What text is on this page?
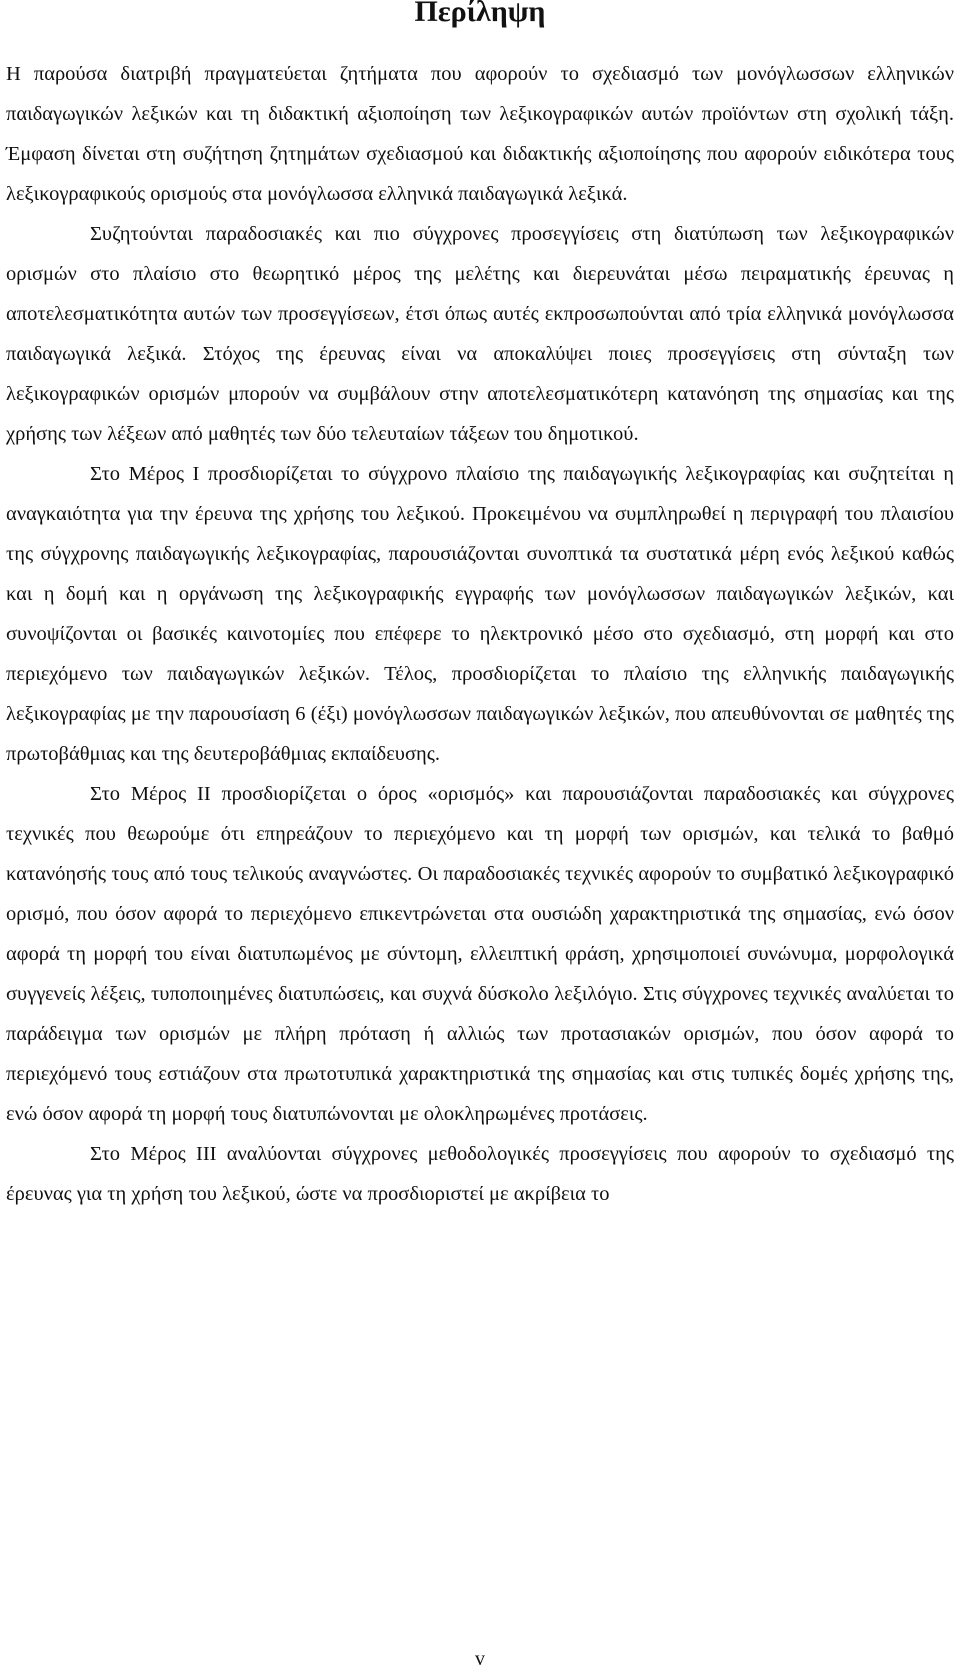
Περίληψη

Η παρούσα διατριβή πραγματεύεται ζητήματα που αφορούν το σχεδιασμό των μονόγλωσσων ελληνικών παιδαγωγικών λεξικών και τη διδακτική αξιοποίηση των λεξικογραφικών αυτών προϊόντων στη σχολική τάξη. Έμφαση δίνεται στη συζήτηση ζητημάτων σχεδιασμού και διδακτικής αξιοποίησης που αφορούν ειδικότερα τους λεξικογραφικούς ορισμούς στα μονόγλωσσα ελληνικά παιδαγωγικά λεξικά.

Συζητούνται παραδοσιακές και πιο σύγχρονες προσεγγίσεις στη διατύπωση των λεξικογραφικών ορισμών στο πλαίσιο στο θεωρητικό μέρος της μελέτης και διερευνάται μέσω πειραματικής έρευνας η αποτελεσματικότητα αυτών των προσεγγίσεων, έτσι όπως αυτές εκπροσωπούνται από τρία ελληνικά μονόγλωσσα παιδαγωγικά λεξικά. Στόχος της έρευνας είναι να αποκαλύψει ποιες προσεγγίσεις στη σύνταξη των λεξικογραφικών ορισμών μπορούν να συμβάλουν στην αποτελεσματικότερη κατανόηση της σημασίας και της χρήσης των λέξεων από μαθητές των δύο τελευταίων τάξεων του δημοτικού.

Στο Μέρος Ι προσδιορίζεται το σύγχρονο πλαίσιο της παιδαγωγικής λεξικογραφίας και συζητείται η αναγκαιότητα για την έρευνα της χρήσης του λεξικού. Προκειμένου να συμπληρωθεί η περιγραφή του πλαισίου της σύγχρονης παιδαγωγικής λεξικογραφίας, παρουσιάζονται συνοπτικά τα συστατικά μέρη ενός λεξικού καθώς και η δομή και η οργάνωση της λεξικογραφικής εγγραφής των μονόγλωσσων παιδαγωγικών λεξικών, και συνοψίζονται οι βασικές καινοτομίες που επέφερε το ηλεκτρονικό μέσο στο σχεδιασμό, στη μορφή και στο περιεχόμενο των παιδαγωγικών λεξικών. Τέλος, προσδιορίζεται το πλαίσιο της ελληνικής παιδαγωγικής λεξικογραφίας με την παρουσίαση 6 (έξι) μονόγλωσσων παιδαγωγικών λεξικών, που απευθύνονται σε μαθητές της πρωτοβάθμιας και της δευτεροβάθμιας εκπαίδευσης.

Στο Μέρος ΙΙ προσδιορίζεται ο όρος «ορισμός» και παρουσιάζονται παραδοσιακές και σύγχρονες τεχνικές που θεωρούμε ότι επηρεάζουν το περιεχόμενο και τη μορφή των ορισμών, και τελικά το βαθμό κατανόησής τους από τους τελικούς αναγνώστες. Οι παραδοσιακές τεχνικές αφορούν το συμβατικό λεξικογραφικό ορισμό, που όσον αφορά το περιεχόμενο επικεντρώνεται στα ουσιώδη χαρακτηριστικά της σημασίας, ενώ όσον αφορά τη μορφή του είναι διατυπωμένος με σύντομη, ελλειπτική φράση, χρησιμοποιεί συνώνυμα, μορφολογικά συγγενείς λέξεις, τυποποιημένες διατυπώσεις, και συχνά δύσκολο λεξιλόγιο. Στις σύγχρονες τεχνικές αναλύεται το παράδειγμα των ορισμών με πλήρη πρόταση ή αλλιώς των προτασιακών ορισμών, που όσον αφορά το περιεχόμενό τους εστιάζουν στα πρωτοτυπικά χαρακτηριστικά της σημασίας και στις τυπικές δομές χρήσης της, ενώ όσον αφορά τη μορφή τους διατυπώνονται με ολοκληρωμένες προτάσεις.

Στο Μέρος ΙΙΙ αναλύονται σύγχρονες μεθοδολογικές προσεγγίσεις που αφορούν το σχεδιασμό της έρευνας για τη χρήση του λεξικού, ώστε να προσδιοριστεί με ακρίβεια το

v
